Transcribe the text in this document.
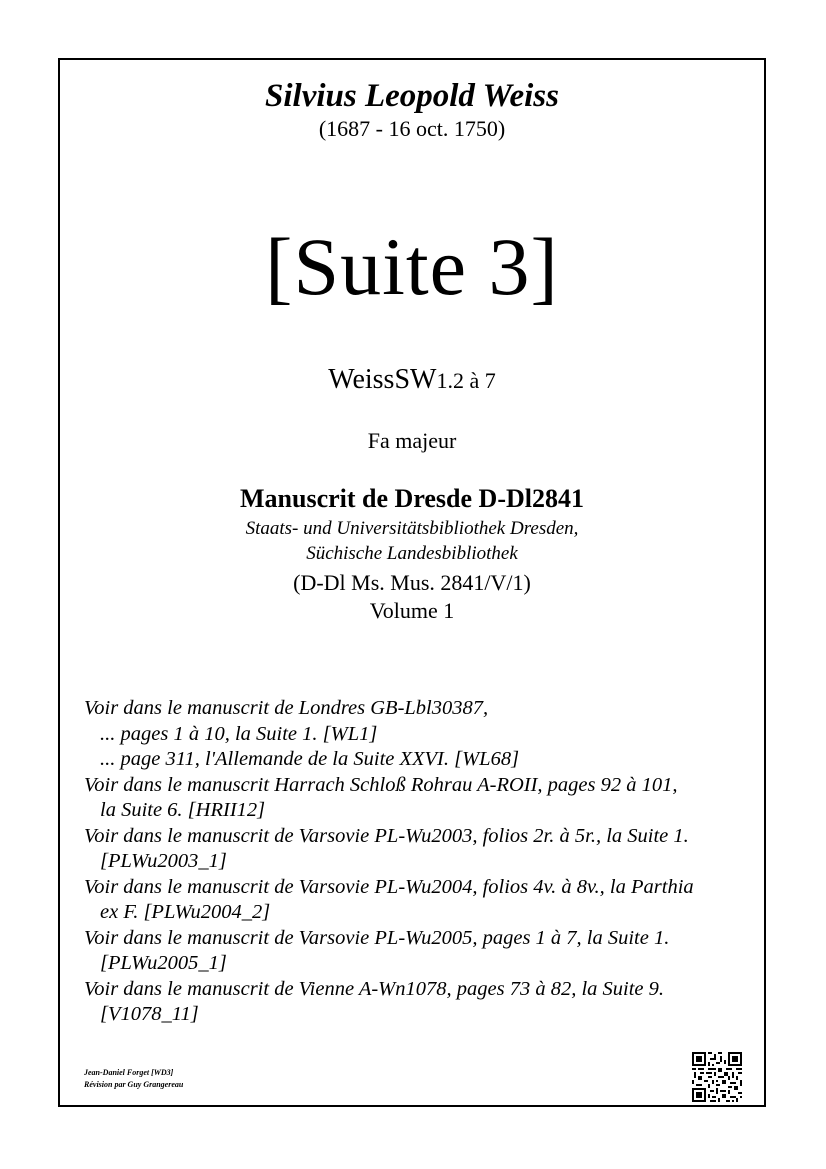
Silvius Leopold Weiss
(1687 - 16 oct. 1750)
[Suite 3]
WeissSW1.2 à 7
Fa majeur
Manuscrit de Dresde D-Dl2841
Staats- und Universitätsbibliothek Dresden,
Süchische Landesbibliothek
(D-Dl Ms. Mus. 2841/V/1)
Volume 1
Voir dans le manuscrit de Londres GB-Lbl30387,
... pages 1 à 10, la Suite 1. [WL1]
... page 311, l'Allemande de la Suite XXVI. [WL68]
Voir dans le manuscrit Harrach Schloß Rohrau A-ROII, pages 92 à 101,
la Suite 6. [HRII12]
Voir dans le manuscrit de Varsovie PL-Wu2003, folios 2r. à 5r., la Suite 1.
[PLWu2003_1]
Voir dans le manuscrit de Varsovie PL-Wu2004, folios 4v. à 8v., la Parthia
ex F. [PLWu2004_2]
Voir dans le manuscrit de Varsovie PL-Wu2005, pages 1 à 7, la Suite 1.
[PLWu2005_1]
Voir dans le manuscrit de Vienne A-Wn1078, pages 73 à 82, la Suite 9.
[V1078_11]
Jean-Daniel Forget [WD3]
Révision par Guy Grangereau
